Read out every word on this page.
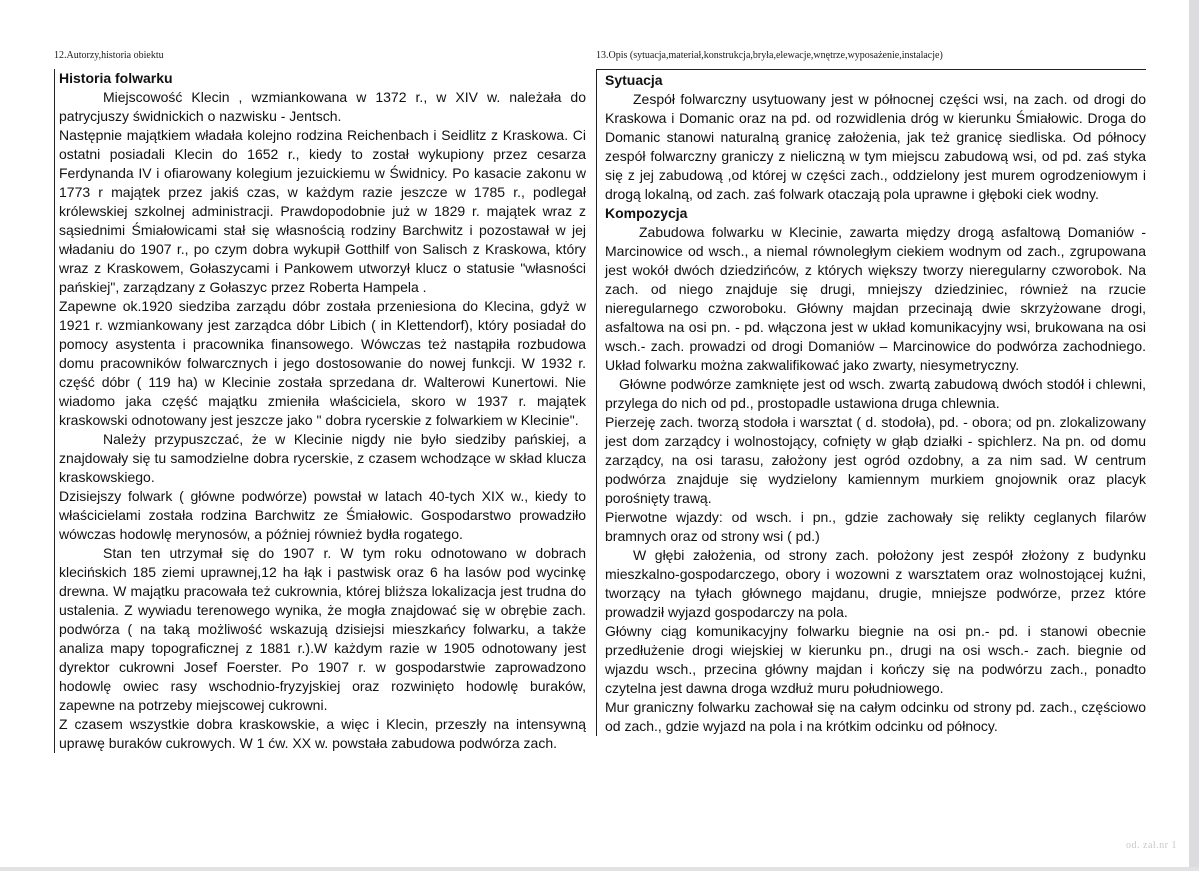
12.Autorzy,historia obiektu
Historia folwarku

Miejscowość Klecin , wzmiankowana w 1372 r., w XIV w. należała do patrycjuszy świdnickich o nazwisku - Jentsch.

Następnie majątkiem władała kolejno rodzina Reichenbach i Seidlitz z Kraskowa. Ci ostatni posiadali Klecin do 1652 r., kiedy to został wykupiony przez cesarza Ferdynanda IV i ofiarowany kolegium jezuickiemu w Świdnicy. Po kasacie zakonu w 1773 r majątek przez jakiś czas, w każdym razie jeszcze w 1785 r., podlegał królewskiej szkolnej administracji. Prawdopodobnie już w 1829 r. majątek wraz z sąsiednimi Śmiałowicami stał się własnością rodziny Barchwitz i pozostawał w jej władaniu do 1907 r., po czym dobra wykupił Gotthilf von Salisch z Kraskowa, który wraz z Kraskowem, Gołaszycami i Pankowem utworzył klucz o statusie "własności pańskiej", zarządzany z Gołaszyc przez Roberta Hampela .

Zapewne ok.1920 siedziba zarządu dóbr została przeniesiona do Klecina, gdyż w 1921 r. wzmiankowany jest zarządca dóbr Libich ( in Klettendorf), który posiadał do pomocy asystenta i pracownika finansowego. Wówczas też nastąpiła rozbudowa domu pracowników folwarcznych i jego dostosowanie do nowej funkcji. W 1932 r. część dóbr ( 119 ha) w Klecinie została sprzedana dr. Walterowi Kunertowi. Nie wiadomo jaka część majątku zmieniła właściciela, skoro w 1937 r. majątek kraskowski odnotowany jest jeszcze jako " dobra rycerskie z folwarkiem w Klecinie".

Należy przypuszczać, że w Klecinie nigdy nie było siedziby pańskiej, a znajdowały się tu samodzielne dobra rycerskie, z czasem wchodzące w skład klucza kraskowskiego.

Dzisiejszy folwark ( główne podwórze) powstał w latach 40-tych XIX w., kiedy to właścicielami została rodzina Barchwitz ze Śmiałowic. Gospodarstwo prowadziło wówczas hodowlę merynosów, a później również bydła rogatego.

Stan ten utrzymał się do 1907 r. W tym roku odnotowano w dobrach klecińskich 185 ziemi uprawnej,12 ha łąk i pastwisk oraz 6 ha lasów pod wycinkę drewna. W majątku pracowała też cukrownia, której bliższa lokalizacja jest trudna do ustalenia. Z wywiadu terenowego wynika, że mogła znajdować się w obrębie zach. podwórza ( na taką możliwość wskazują dzisiejsi mieszkańcy folwarku, a także analiza mapy topograficznej z 1881 r.).W każdym razie w 1905 odnotowany jest dyrektor cukrowni Josef Foerster. Po 1907 r. w gospodarstwie zaprowadzono hodowlę owiec rasy wschodnio-fryzyjskiej oraz rozwinięto hodowlę buraków, zapewne na potrzeby miejscowej cukrowni.

Z czasem wszystkie dobra kraskowskie, a więc i Klecin, przeszły na intensywną uprawę buraków cukrowych. W 1 ćw. XX w. powstała zabudowa podwórza zach.

13.Opis (sytuacja,materiał,konstrukcja,bryła,elewacje,wnętrze,wyposażenie,instalacje)
Sytuacja

Zespół folwarczny usytuowany jest w północnej części wsi, na zach. od drogi do Kraskowa i Domanic oraz na pd. od rozwidlenia dróg w kierunku Śmiałowic. Droga do Domanic stanowi naturalną granicę założenia, jak też granicę siedliska. Od północy zespół folwarczny graniczy z nieliczną w tym miejscu zabudową wsi, od pd. zaś styka się z jej zabudową ,od której w części zach., oddzielony jest murem ogrodzeniowym i drogą lokalną, od zach. zaś folwark otaczają pola uprawne i głęboki ciek wodny.

Kompozycja

Zabudowa folwarku w Klecinie, zawarta między drogą asfaltową Domaniów - Marcinowice od wsch., a niemal równoległym ciekiem wodnym od zach., zgrupowana jest wokół dwóch dziedzińców, z których większy tworzy nieregularny czworobok. Na zach. od niego znajduje się drugi, mniejszy dziedziniec, również na rzucie nieregularnego czworoboku. Główny majdan przecinają dwie skrzyżowane drogi, asfaltowa na osi pn. - pd. włączona jest w układ komunikacyjny wsi, brukowana na osi wsch.- zach. prowadzi od drogi Domaniów – Marcinowice do podwórza zachodniego. Układ folwarku można zakwalifikować jako zwarty, niesymetryczny.

Główne podwórze zamknięte jest od wsch. zwartą zabudową dwóch stodół i chlewni, przylega do nich od pd., prostopadle ustawiona druga chlewnia.

Pierzeję zach. tworzą stodoła i warsztat ( d. stodoła), pd. - obora; od pn. zlokalizowany jest dom zarządcy i wolnostojący, cofnięty w głąb działki - spichlerz. Na pn. od domu zarządcy, na osi tarasu, założony jest ogród ozdobny, a za nim sad. W centrum podwórza znajduje się wydzielony kamiennym murkiem gnojownik oraz placyk porośnięty trawą.

Pierwotne wjazdy: od wsch. i pn., gdzie zachowały się relikty ceglanych filarów bramnych oraz od strony wsi ( pd.)

W głębi założenia, od strony zach. położony jest zespół złożony z budynku mieszkalno-gospodarczego, obory i wozowni z warsztatem oraz wolnostojącej kuźni, tworzący na tyłach głównego majdanu, drugie, mniejsze podwórze, przez które prowadził wyjazd gospodarczy na pola.

Główny ciąg komunikacyjny folwarku biegnie na osi pn.- pd. i stanowi obecnie przedłużenie drogi wiejskiej w kierunku pn., drugi na osi wsch.- zach. biegnie od wjazdu wsch., przecina główny majdan i kończy się na podwórzu zach., ponadto czytelna jest dawna droga wzdłuż muru południowego.

Mur graniczny folwarku zachował się na całym odcinku od strony pd. zach., częściowo od zach., gdzie wyjazd na pola i na krótkim odcinku od północy.

od. zał.nr 1
